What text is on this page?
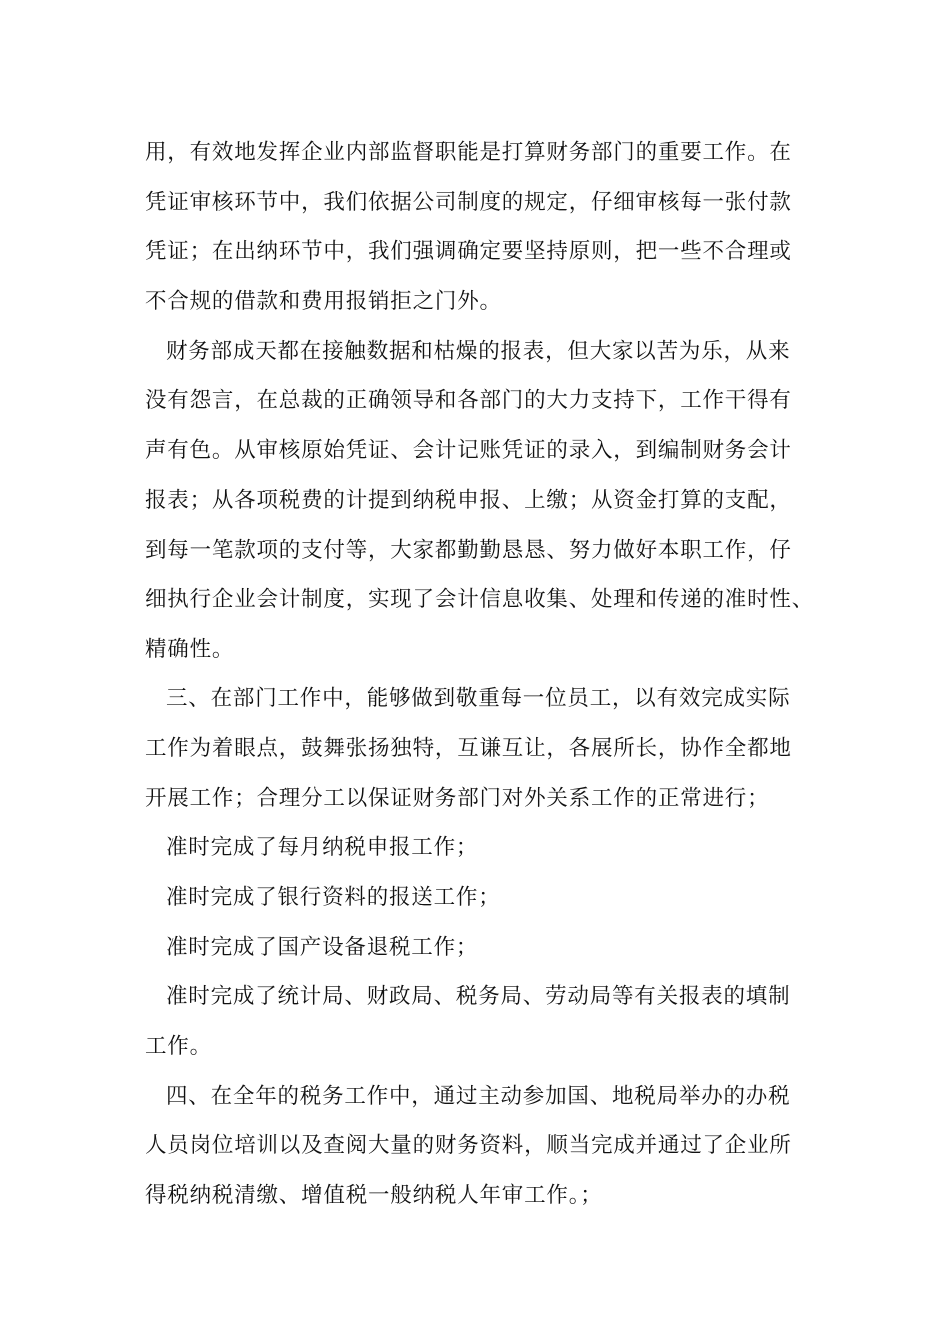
用，有效地发挥企业内部监督职能是打算财务部门的重要工作。在
凭证审核环节中，我们依据公司制度的规定，仔细审核每一张付款
凭证；在出纳环节中，我们强调确定要坚持原则，把一些不合理或
不合规的借款和费用报销拒之门外。
财务部成天都在接触数据和枯燥的报表，但大家以苦为乐，从来
没有怨言，在总裁的正确领导和各部门的大力支持下，工作干得有
声有色。从审核原始凭证、会计记账凭证的录入，到编制财务会计
报表；从各项税费的计提到纳税申报、上缴；从资金打算的支配，
到每一笔款项的支付等，大家都勤勤恳恳、努力做好本职工作，仔
细执行企业会计制度，实现了会计信息收集、处理和传递的准时性、
精确性。
三、在部门工作中，能够做到敬重每一位员工，以有效完成实际
工作为着眼点，鼓舞张扬独特，互谦互让，各展所长，协作全都地
开展工作；合理分工以保证财务部门对外关系工作的正常进行；
准时完成了每月纳税申报工作；
准时完成了银行资料的报送工作；
准时完成了国产设备退税工作；
准时完成了统计局、财政局、税务局、劳动局等有关报表的填制
工作。
四、在全年的税务工作中，通过主动参加国、地税局举办的办税
人员岗位培训以及查阅大量的财务资料，顺当完成并通过了企业所
得税纳税清缴、增值税一般纳税人年审工作。；
